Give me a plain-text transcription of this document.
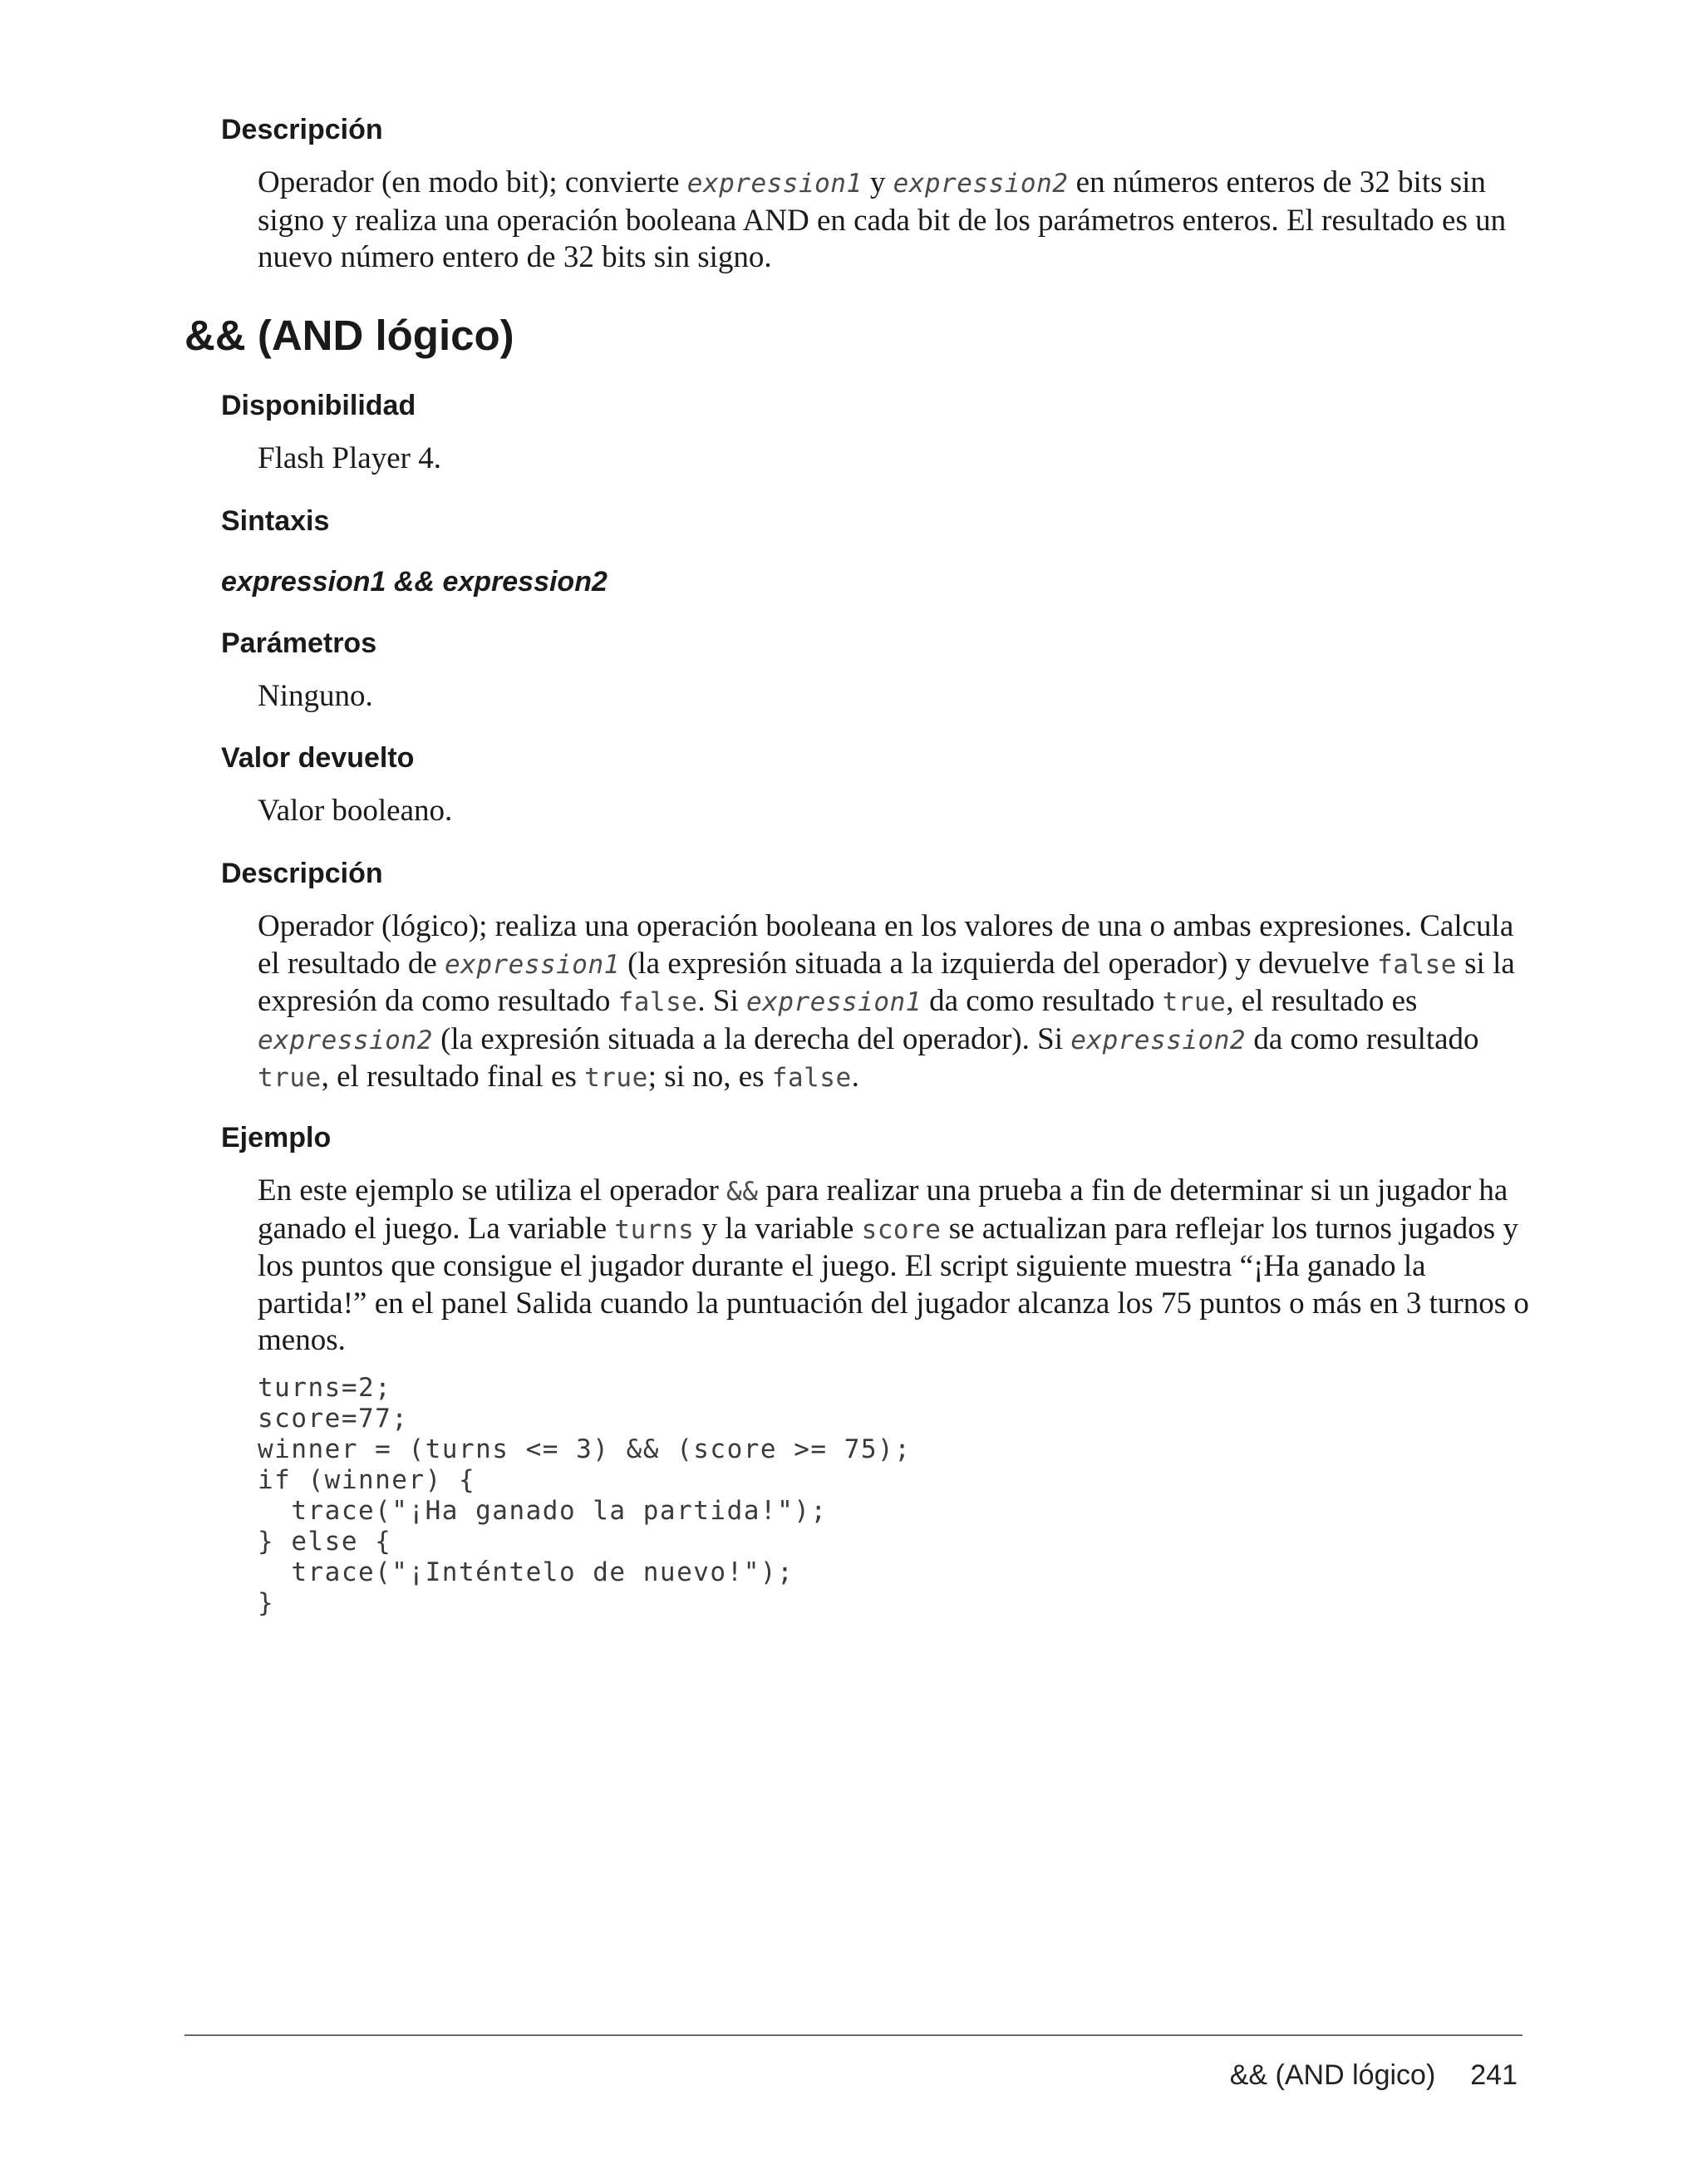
Descripción

Operador (en modo bit); convierte expression1 y expression2 en números enteros de 32 bits sin signo y realiza una operación booleana AND en cada bit de los parámetros enteros. El resultado es un nuevo número entero de 32 bits sin signo.

&& (AND lógico)
Disponibilidad
Flash Player 4.
Sintaxis
expression1 && expression2
Parámetros
Ninguno.
Valor devuelto
Valor booleano.
Descripción

Operador (lógico); realiza una operación booleana en los valores de una o ambas expresiones. Calcula el resultado de expression1 (la expresión situada a la izquierda del operador) y devuelve false si la expresión da como resultado false. Si expression1 da como resultado true, el resultado es expression2 (la expresión situada a la derecha del operador). Si expression2 da como resultado true, el resultado final es true; si no, es false.

Ejemplo

En este ejemplo se utiliza el operador && para realizar una prueba a fin de determinar si un jugador ha ganado el juego. La variable turns y la variable score se actualizan para reflejar los turnos jugados y los puntos que consigue el jugador durante el juego. El script siguiente muestra “¡Ha ganado la partida!” en el panel Salida cuando la puntuación del jugador alcanza los 75 puntos o más en 3 turnos o menos.

turns=2;
score=77;
winner = (turns <= 3) && (score >= 75);
if (winner) {
trace("¡Ha ganado la partida!");
} else {
trace("¡Inténtelo de nuevo!");
}
&& (AND lógico) 241
